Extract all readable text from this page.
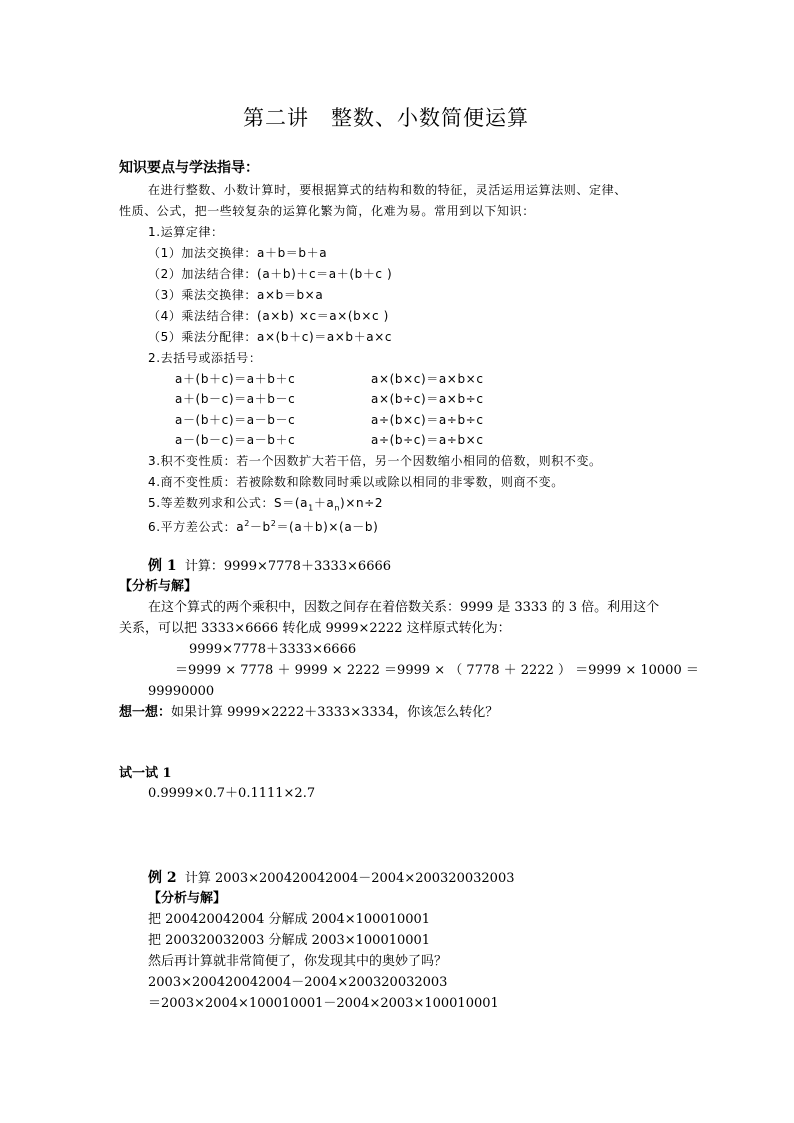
第二讲　整数、小数简便运算
知识要点与学法指导：
在进行整数、小数计算时，要根据算式的结构和数的特征，灵活运用运算法则、定律、
性质、公式，把一些较复杂的运算化繁为简，化难为易。常用到以下知识：
1.运算定律：
（1）加法交换律：a＋b＝b＋a
（2）加法结合律：(a＋b)＋c＝a＋(b＋c )
（3）乘法交换律：a×b＝b×a
（4）乘法结合律：(a×b) ×c＝a×(b×c )
（5）乘法分配律：a×(b＋c)＝a×b＋a×c
2.去括号或添括号：
a＋(b＋c)＝a＋b＋c
a＋(b－c)＝a＋b－c
a－(b＋c)＝a－b－c
a－(b－c)＝a－b＋c
a×(b×c)＝a×b×c
a×(b÷c)＝a×b÷c
a÷(b×c)＝a÷b÷c
a÷(b÷c)＝a÷b×c
3.积不变性质：若一个因数扩大若干倍，另一个因数缩小相同的倍数，则积不变。
4.商不变性质：若被除数和除数同时乘以或除以相同的非零数，则商不变。
5.等差数列求和公式：$S=(a_1+a_n)\times n\div 2$
6.平方差公式：$a^2-b^2=(a+b)\times(a-b)$
例 1 计算：9999×7778＋3333×6666
【分析与解】
在这个算式的两个乘积中，因数之间存在着倍数关系：9999 是 3333 的 3 倍。利用这个
关系，可以把 3333×6666 转化成 9999×2222 这样原式转化为：
9999×7778＋3333×6666
＝9999 × 7778 ＋ 9999 × 2222 ＝9999 × （ 7778 ＋ 2222 ） ＝9999 × 10000 ＝
99990000
想一想：如果计算 9999×2222＋3333×3334，你该怎么转化？
试一试 1
0.9999×0.7＋0.1111×2.7
例 2 计算 2003×200420042004－2004×200320032003
【分析与解】
把 200420042004 分解成 2004×100010001
把 200320032003 分解成 2003×100010001
然后再计算就非常简便了，你发现其中的奥妙了吗？
2003×200420042004－2004×200320032003
＝2003×2004×100010001－2004×2003×100010001
